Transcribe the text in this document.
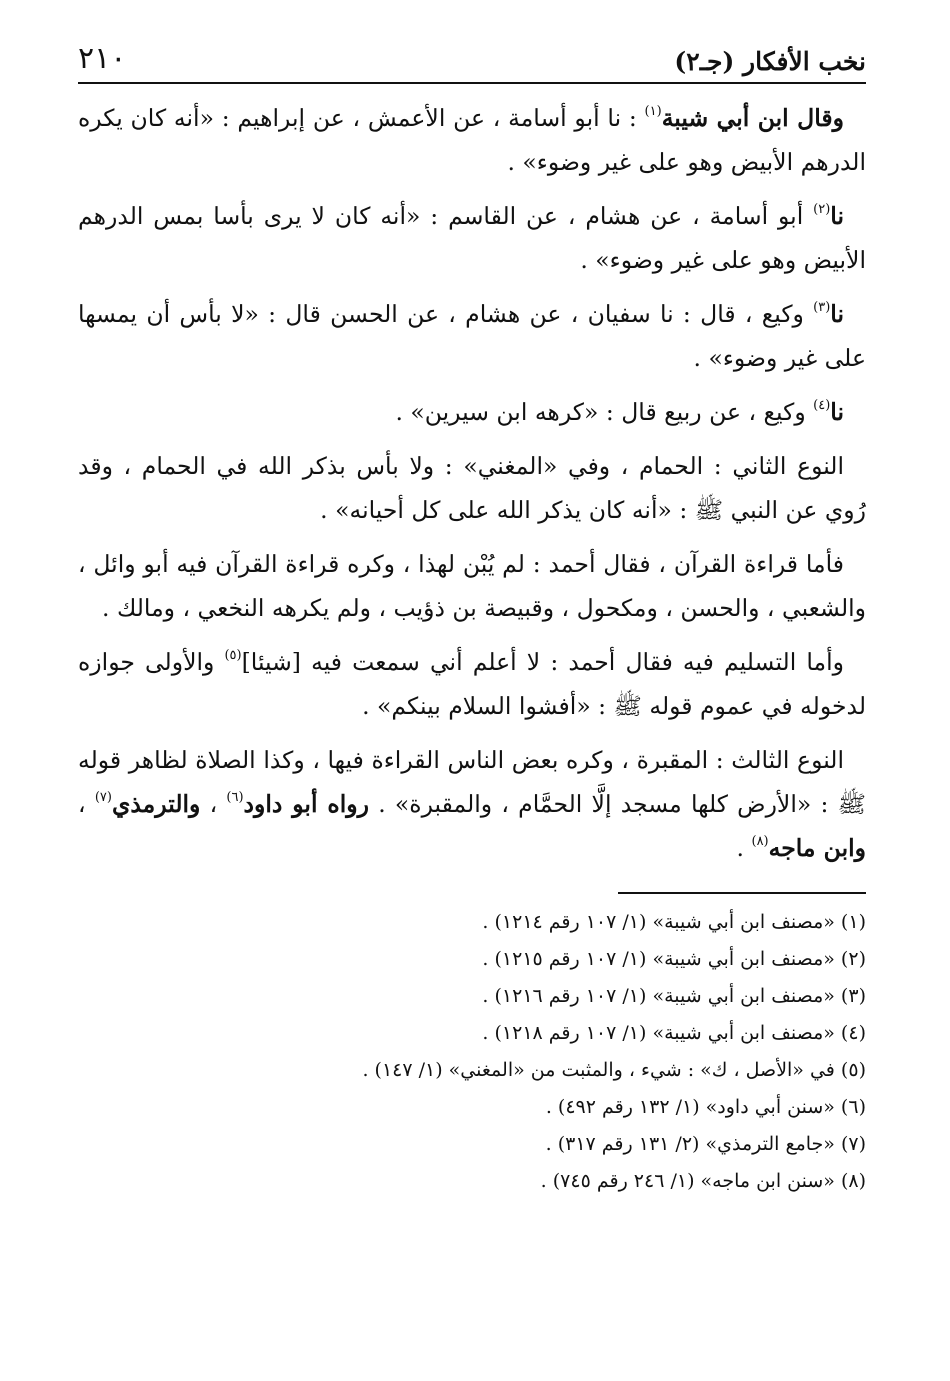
نخب الأفكار (جـ٢)
٢١٠

وقال ابن أبي شيبة$^{(١)}$ : نا أبو أسامة ، عن الأعمش ، عن إبراهيم : «أنه كان يكره الدرهم الأبيض وهو على غير وضوء» .

نا$^{(٢)}$ أبو أسامة ، عن هشام ، عن القاسم : «أنه كان لا يرى بأسا بمس الدرهم الأبيض وهو على غير وضوء» .

نا$^{(٣)}$ وكيع ، قال : نا سفيان ، عن هشام ، عن الحسن قال : «لا بأس أن يمسها على غير وضوء» .

نا$^{(٤)}$ وكيع ، عن ربيع قال : «كرهه ابن سيرين» .

النوع الثاني : الحمام ، وفي «المغني» : ولا بأس بذكر الله في الحمام ، وقد رُوي عن النبي ﷺ : «أنه كان يذكر الله على كل أحيانه» .

فأما قراءة القرآن ، فقال أحمد : لم يُبْن لهذا ، وكره قراءة القرآن فيه أبو وائل ، والشعبي ، والحسن ، ومكحول ، وقبيصة بن ذؤيب ، ولم يكرهه النخعي ، ومالك .

وأما التسليم فيه فقال أحمد : لا أعلم أني سمعت فيه [شيئا]$^{(٥)}$ والأولى جوازه لدخوله في عموم قوله ﷺ : «أفشوا السلام بينكم» .

النوع الثالث : المقبرة ، وكره بعض الناس القراءة فيها ، وكذا الصلاة لظاهر قوله ﷺ : «الأرض كلها مسجد إلَّا الحمَّام ، والمقبرة» . رواه أبو داود$^{(٦)}$ ، والترمذي$^{(٧)}$ ، وابن ماجه$^{(٨)}$ .

(١) «مصنف ابن أبي شيبة» (١/ ١٠٧ رقم ١٢١٤) .

(٢) «مصنف ابن أبي شيبة» (١/ ١٠٧ رقم ١٢١٥) .

(٣) «مصنف ابن أبي شيبة» (١/ ١٠٧ رقم ١٢١٦) .

(٤) «مصنف ابن أبي شيبة» (١/ ١٠٧ رقم ١٢١٨) .

(٥) في «الأصل ، ك» : شيء ، والمثبت من «المغني» (١/ ١٤٧) .

(٦) «سنن أبي داود» (١/ ١٣٢ رقم ٤٩٢) .

(٧) «جامع الترمذي» (٢/ ١٣١ رقم ٣١٧) .

(٨) «سنن ابن ماجه» (١/ ٢٤٦ رقم ٧٤٥) .
